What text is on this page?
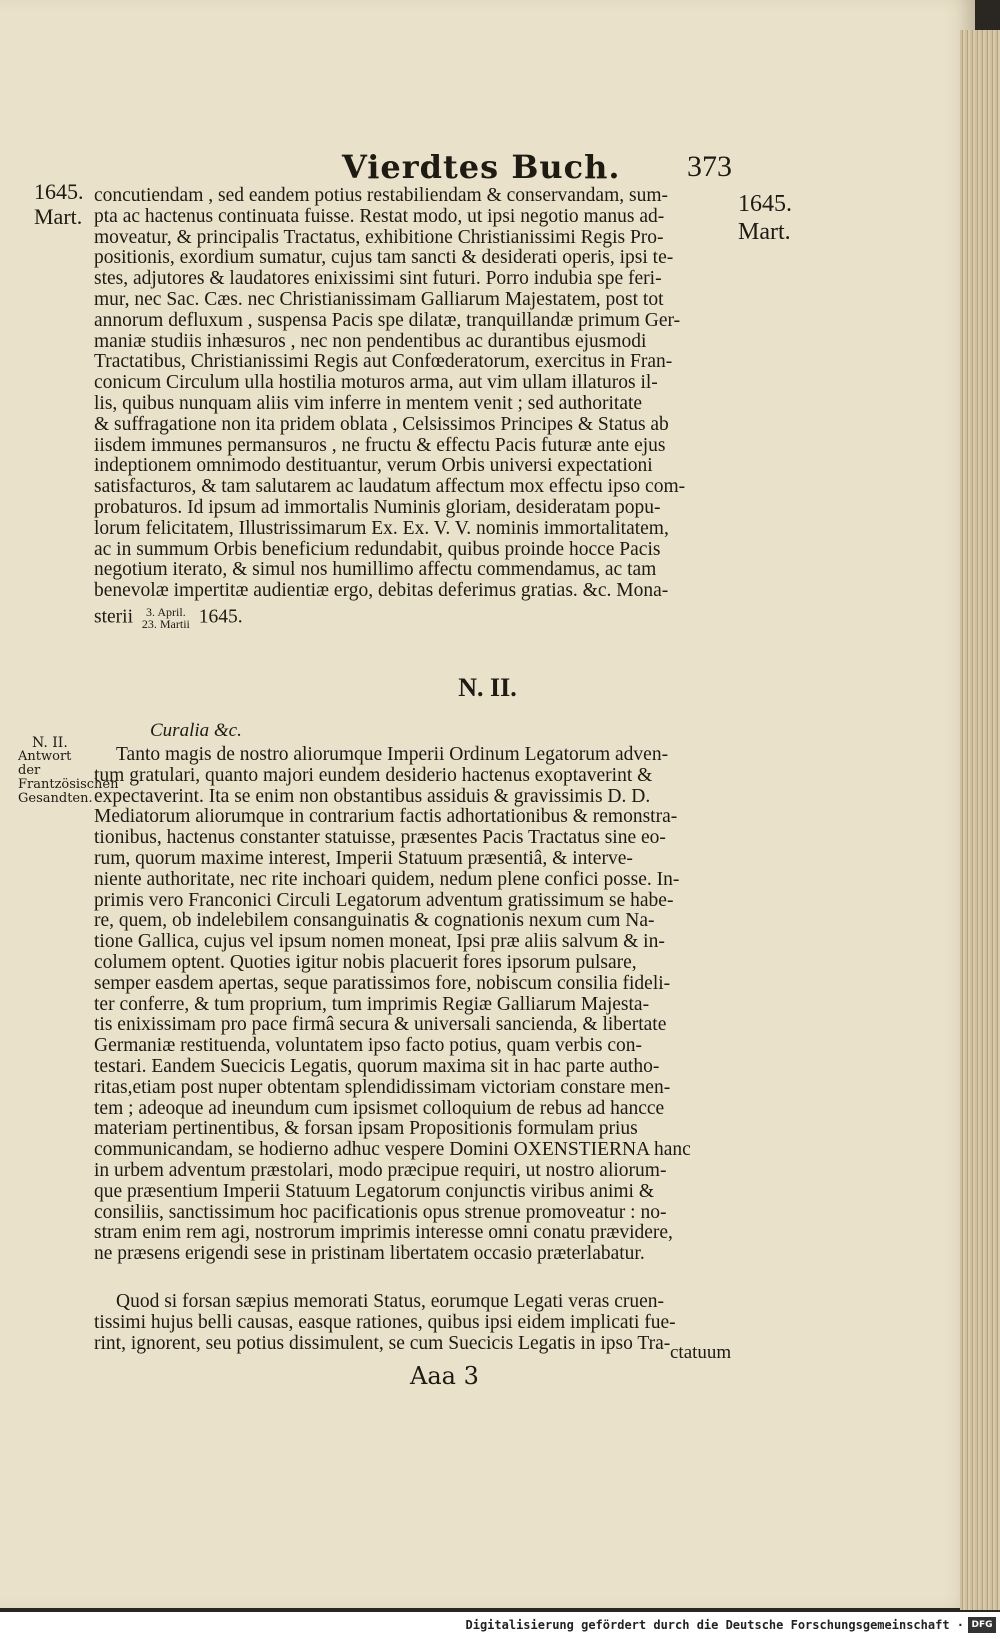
Vierdtes Buch. 373
1645.
Mart.	1645.
Mart.
concutiendam , sed eandem potius restabiliendam & conservandam, sum-
pta ac hactenus continuata fuisse. Restat modo, ut ipsi negotio manus ad-
moveatur, & principalis Tractatus, exhibitione Christianissimi Regis Pro-
positionis, exordium sumatur, cujus tam sancti & desiderati operis, ipsi te-
stes, adjutores & laudatores enixissimi sint futuri. Porro indubia spe feri-
mur, nec Sac. Cæs. nec Christianissimam Galliarum Majestatem, post tot
annorum defluxum , suspensa Pacis spe dilatæ, tranquillandæ primum Ger-
maniæ studiis inhæsuros , nec non pendentibus ac durantibus ejusmodi
Tractatibus, Christianissimi Regis aut Confœderatorum, exercitus in Fran-
conicum Circulum ulla hostilia moturos arma, aut vim ullam illaturos il-
lis, quibus nunquam aliis vim inferre in mentem venit ; sed authoritate
& suffragatione non ita pridem oblata , Celsissimos Principes & Status ab
iisdem immunes permansuros , ne fructu & effectu Pacis futuræ ante ejus
indeptionem omnimodo destituantur, verum Orbis universi expectationi
satisfacturos, & tam salutarem ac laudatum affectum mox effectu ipso com-
probaturos. Id ipsum ad immortalis Numinis gloriam, desideratam popu-
lorum felicitatem, Illustrissimarum Ex. Ex. V. V. nominis immortalitatem,
ac in summum Orbis beneficium redundabit, quibus proinde hocce Pacis
negotium iterato, & simul nos humillimo affectu commendamus, ac tam
benevolæ impertitæ audientiæ ergo, debitas deferimus gratias. &c. Mona-

sterii 3. April.
23. Martii 1645.

N. II.
Curalia &c.
N. II.
Antwort der Frantzösischen Gesandten.
Tanto magis de nostro aliorumque Imperii Ordinum Legatorum adven-
tum gratulari, quanto majori eundem desiderio hactenus exoptaverint &
expectaverint. Ita se enim non obstantibus assiduis & gravissimis D. D.
Mediatorum aliorumque in contrarium factis adhortationibus & remonstra-
tionibus, hactenus constanter statuisse, præsentes Pacis Tractatus sine eo-
rum, quorum maxime interest, Imperii Statuum præsentiâ, & interve-
niente authoritate, nec rite inchoari quidem, nedum plene confici posse. In-
primis vero Franconici Circuli Legatorum adventum gratissimum se habe-
re, quem, ob indelebilem consanguinatis & cognationis nexum cum Na-
tione Gallica, cujus vel ipsum nomen moneat, Ipsi præ aliis salvum & in-
columem optent. Quoties igitur nobis placuerit fores ipsorum pulsare,
semper easdem apertas, seque paratissimos fore, nobiscum consilia fideli-
ter conferre, & tum proprium, tum imprimis Regiæ Galliarum Majesta-
tis enixissimam pro pace firmâ secura & universali sancienda, & libertate
Germaniæ restituenda, voluntatem ipso facto potius, quam verbis con-
testari. Eandem Suecicis Legatis, quorum maxima sit in hac parte autho-
ritas,etiam post nuper obtentam splendidissimam victoriam constare men-
tem ; adeoque ad ineundum cum ipsismet colloquium de rebus ad hancce
materiam pertinentibus, & forsan ipsam Propositionis formulam prius
communicandam, se hodierno adhuc vespere Domini OXENSTIERNA hanc
in urbem adventum præstolari, modo præcipue requiri, ut nostro aliorum-
que præsentium Imperii Statuum Legatorum conjunctis viribus animi &
consiliis, sanctissimum hoc pacificationis opus strenue promoveatur : no-
stram enim rem agi, nostrorum imprimis interesse omni conatu prævidere,
ne præsens erigendi sese in pristinam libertatem occasio præterlabatur.
Quod si forsan sæpius memorati Status, eorumque Legati veras cruen-
tissimi hujus belli causas, easque rationes, quibus ipsi eidem implicati fue-
rint, ignorent, seu potius dissimulent, se cum Suecicis Legatis in ipso Tra-
Aaa 3
ctatuum
Digitalisierung gefördert durch die Deutsche Forschungsgemeinschaft · DFG
